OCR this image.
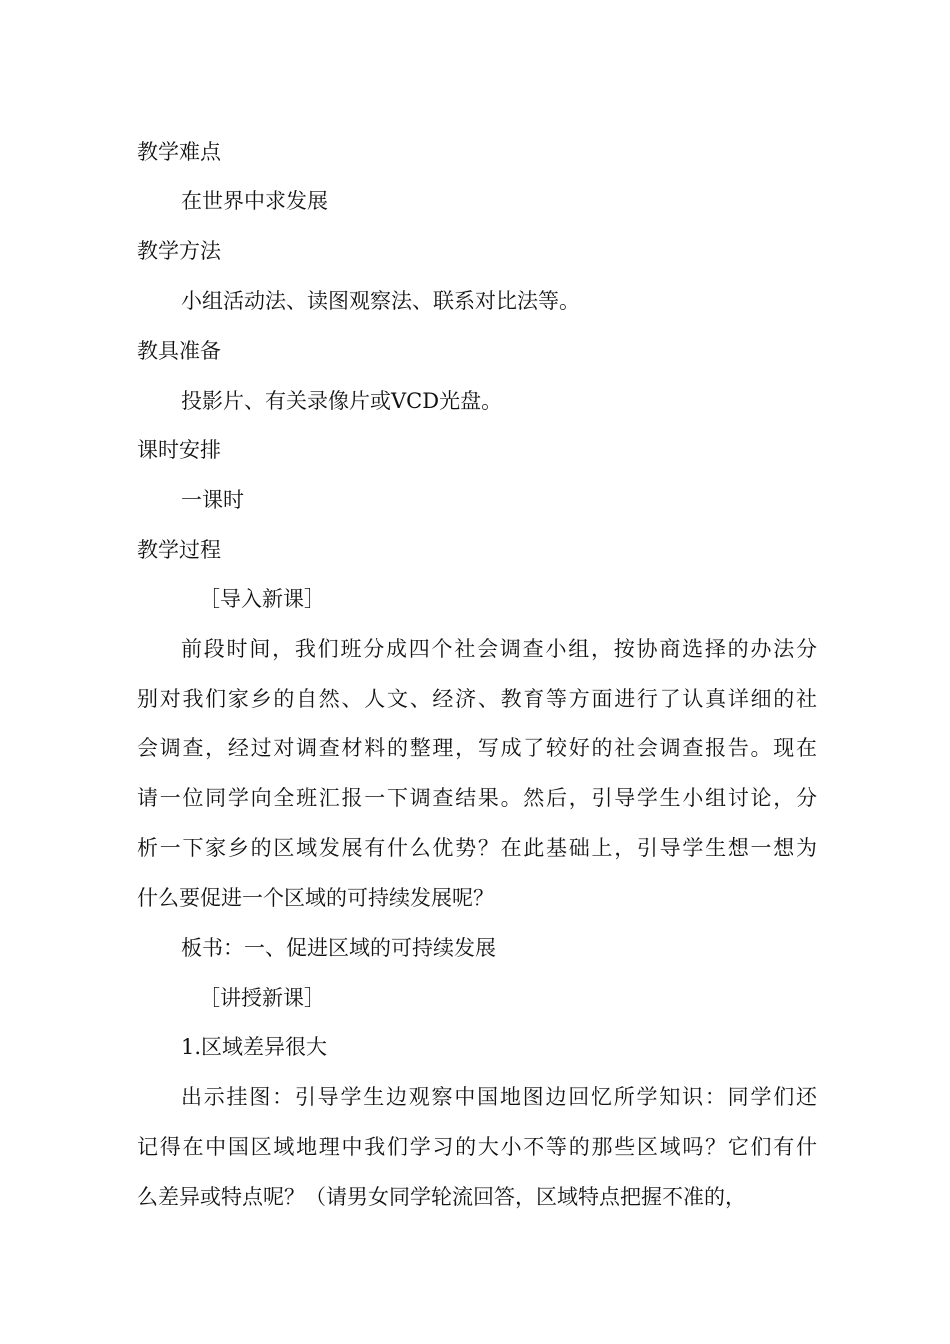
教学难点
在世界中求发展
教学方法
小组活动法、读图观察法、联系对比法等。
教具准备
投影片、有关录像片或VCD光盘。
课时安排
一课时
教学过程
［导入新课］
前段时间，我们班分成四个社会调查小组，按协商选择的办法分
别对我们家乡的自然、人文、经济、教育等方面进行了认真详细的社
会调查，经过对调查材料的整理，写成了较好的社会调查报告。现在
请一位同学向全班汇报一下调查结果。然后，引导学生小组讨论，分
析一下家乡的区域发展有什么优势？在此基础上，引导学生想一想为
什么要促进一个区域的可持续发展呢？
板书：一、促进区域的可持续发展
［讲授新课］
1.区域差异很大
出示挂图：引导学生边观察中国地图边回忆所学知识：同学们还
记得在中国区域地理中我们学习的大小不等的那些区域吗？它们有什
么差异或特点呢？（请男女同学轮流回答，区域特点把握不准的，
